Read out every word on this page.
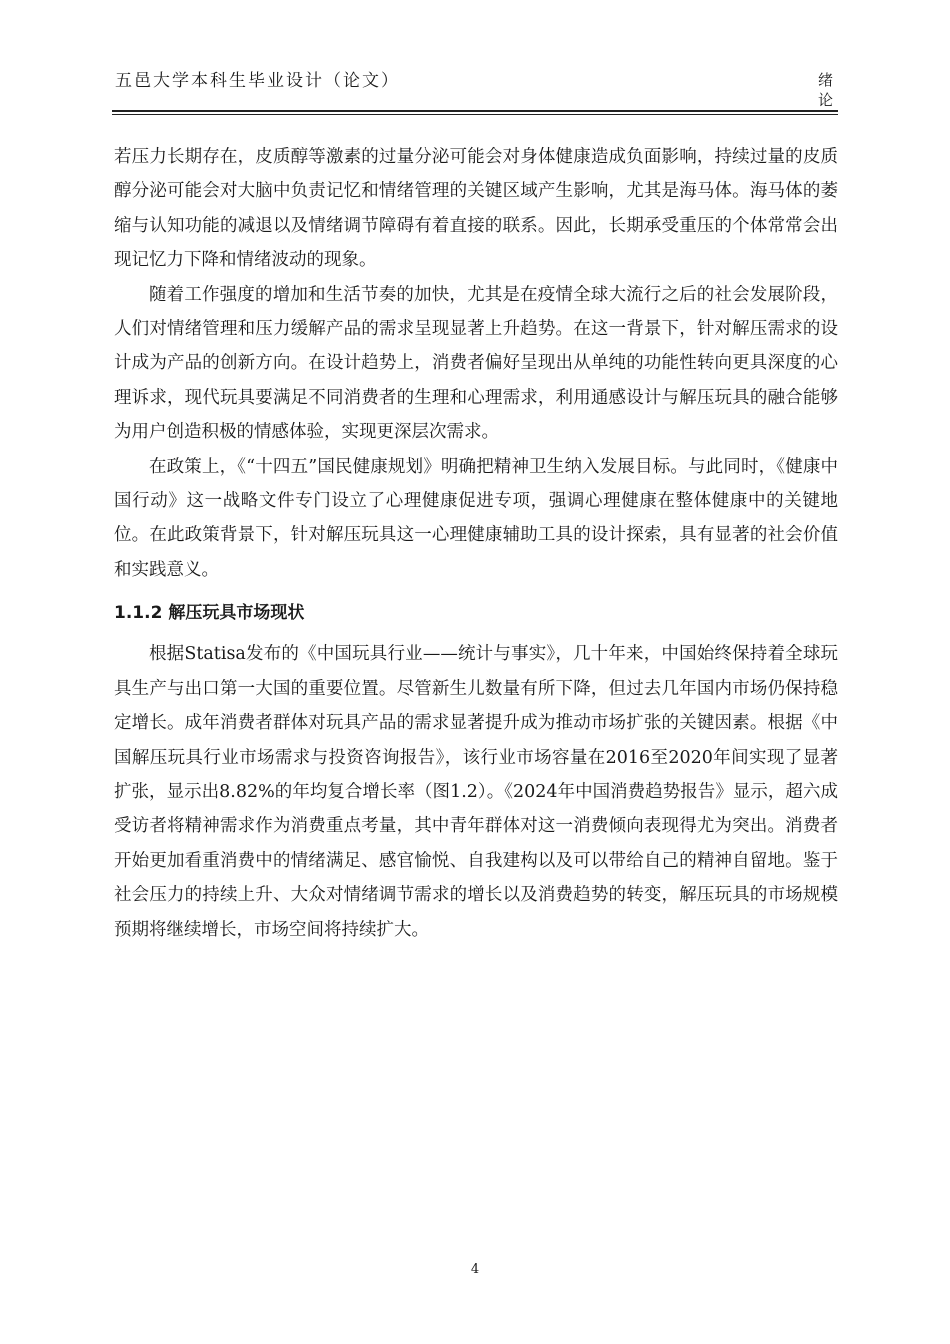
五邑大学本科生毕业设计（论文）	绪论

若压力长期存在，皮质醇等激素的过量分泌可能会对身体健康造成负面影响，持续过量的皮质醇分泌可能会对大脑中负责记忆和情绪管理的关键区域产生影响，尤其是海马体。海马体的萎缩与认知功能的减退以及情绪调节障碍有着直接的联系。因此，长期承受重压的个体常常会出现记忆力下降和情绪波动的现象。

随着工作强度的增加和生活节奏的加快，尤其是在疫情全球大流行之后的社会发展阶段，人们对情绪管理和压力缓解产品的需求呈现显著上升趋势。在这一背景下，针对解压需求的设计成为产品的创新方向。在设计趋势上，消费者偏好呈现出从单纯的功能性转向更具深度的心理诉求，现代玩具要满足不同消费者的生理和心理需求，利用通感设计与解压玩具的融合能够为用户创造积极的情感体验，实现更深层次需求。

在政策上，《“十四五”国民健康规划》明确把精神卫生纳入发展目标。与此同时，《健康中国行动》这一战略文件专门设立了心理健康促进专项，强调心理健康在整体健康中的关键地位。在此政策背景下，针对解压玩具这一心理健康辅助工具的设计探索，具有显著的社会价值和实践意义。

1.1.2 解压玩具市场现状

根据Statisa发布的《中国玩具行业——统计与事实》，几十年来，中国始终保持着全球玩具生产与出口第一大国的重要位置。尽管新生儿数量有所下降，但过去几年国内市场仍保持稳定增长。成年消费者群体对玩具产品的需求显著提升成为推动市场扩张的关键因素。根据《中国解压玩具行业市场需求与投资咨询报告》，该行业市场容量在2016至2020年间实现了显著扩张，显示出8.82%的年均复合增长率（图1.2）。《2024年中国消费趋势报告》显示，超六成受访者将精神需求作为消费重点考量，其中青年群体对这一消费倾向表现得尤为突出。消费者开始更加看重消费中的情绪满足、感官愉悦、自我建构以及可以带给自己的精神自留地。鉴于社会压力的持续上升、大众对情绪调节需求的增长以及消费趋势的转变，解压玩具的市场规模预期将继续增长，市场空间将持续扩大。

4
